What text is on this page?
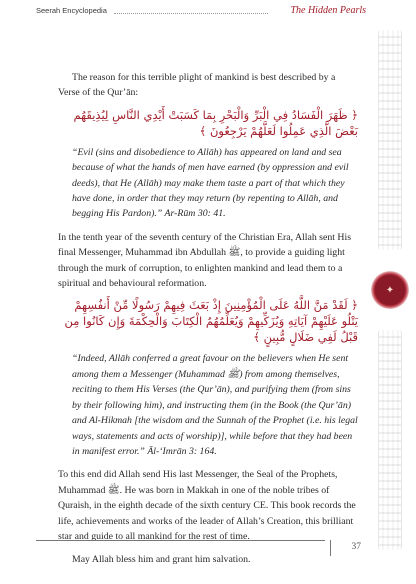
Seerah Encyclopedia	The Hidden Pearls
✦

The reason for this terrible plight of mankind is best described by a Verse of the Qur’ān:

﴿ ظَهَرَ الْفَسَادُ فِي الْبَرِّ وَالْبَحْرِ بِمَا كَسَبَتْ أَيْدِي النَّاسِ لِيُذِيقَهُم بَعْضَ الَّذِي عَمِلُوا لَعَلَّهُمْ يَرْجِعُونَ ﴾

“Evil (sins and disobedience to Allāh) has appeared on land and sea because of what the hands of men have earned (by oppression and evil deeds), that He (Allāh) may make them taste a part of that which they have done, in order that they may return (by repenting to Allāh, and begging His Pardon).” Ar-Rūm 30: 41.

In the tenth year of the seventh century of the Christian Era, Allah sent His final Messenger, Muhammad ibn Abdullah ﷺ, to provide a guiding light through the murk of corruption, to enlighten mankind and lead them to a spiritual and behavioural reformation.

﴿ لَقَدْ مَنَّ اللَّهُ عَلَى الْمُؤْمِنِينَ إِذْ بَعَثَ فِيهِمْ رَسُولًا مِّنْ أَنفُسِهِمْ يَتْلُو عَلَيْهِمْ آيَاتِهِ وَيُزَكِّيهِمْ وَيُعَلِّمُهُمُ الْكِتَابَ وَالْحِكْمَةَ وَإِن كَانُوا مِن قَبْلُ لَفِي ضَلَالٍ مُّبِينٍ ﴾

“Indeed, Allāh conferred a great favour on the believers when He sent among them a Messenger (Muhammad ﷺ) from among themselves, reciting to them His Verses (the Qur’ān), and purifying them (from sins by their following him), and instructing them (in the Book (the Qur’ān) and Al-Hikmah [the wisdom and the Sunnah of the Prophet (i.e. his legal ways, statements and acts of worship)], while before that they had been in manifest error.” Āl-‘Imrān 3: 164.

To this end did Allah send His last Messenger, the Seal of the Prophets, Muhammad ﷺ. He was born in Makkah in one of the noble tribes of Quraish, in the eighth decade of the sixth century CE. This book records the life, achievements and works of the leader of Allah’s Creation, this brilliant star and guide to all mankind for the rest of time.

May Allah bless him and grant him salvation.

37
